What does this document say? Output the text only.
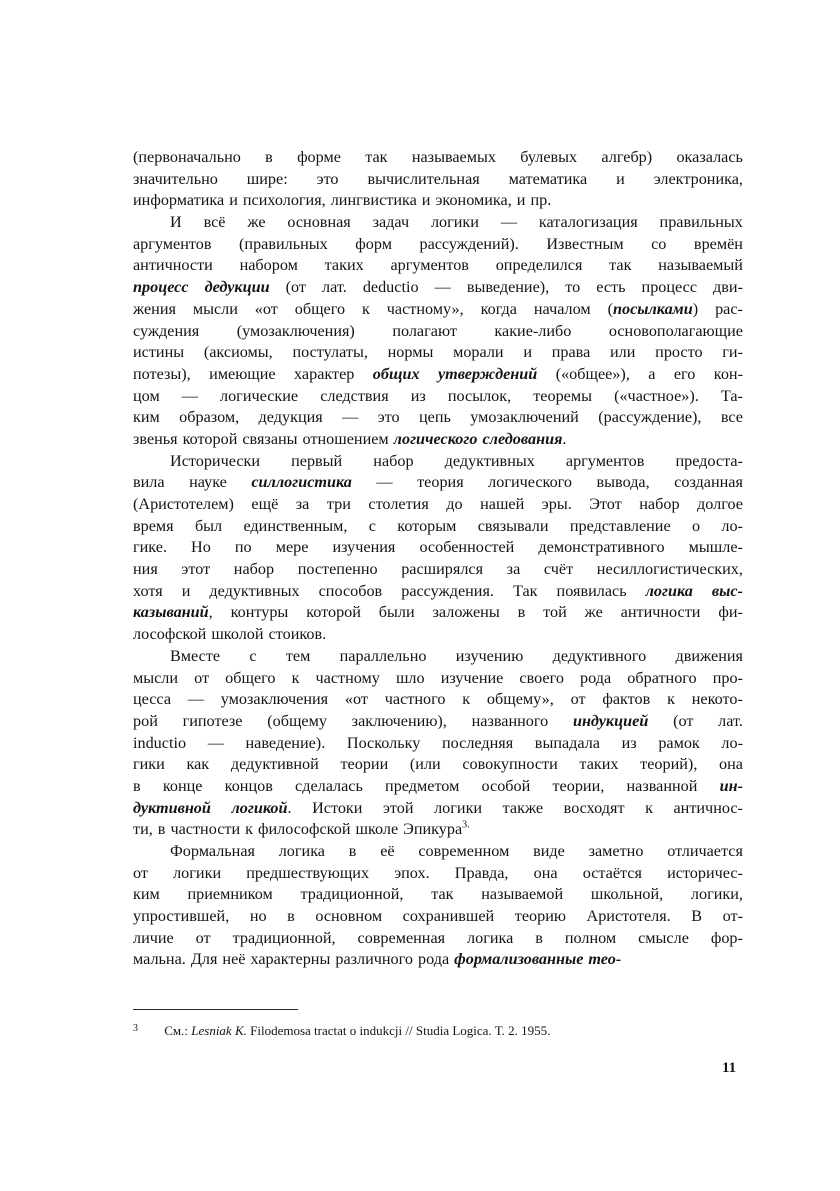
(первоначально в форме так называемых булевых алгебр) оказалась
значительно шире: это вычислительная математика и электроника,
информатика и психология, лингвистика и экономика, и пр.
И всё же основная задач логики — каталогизация правильных
аргументов (правильных форм рассуждений). Известным со времён
античности набором таких аргументов определился так называемый
процесс дедукции (от лат. deductio — выведение), то есть процесс дви-
жения мысли «от общего к частному», когда началом (посылками) рас-
суждения (умозаключения) полагают какие-либо основополагающие
истины (аксиомы, постулаты, нормы морали и права или просто ги-
потезы), имеющие характер общих утверждений («общее»), а его кон-
цом — логические следствия из посылок, теоремы («частное»). Та-
ким образом, дедукция — это цепь умозаключений (рассуждение), все
звенья которой связаны отношением логического следования.
Исторически первый набор дедуктивных аргументов предоста-
вила науке силлогистика — теория логического вывода, созданная
(Аристотелем) ещё за три столетия до нашей эры. Этот набор долгое
время был единственным, с которым связывали представление о ло-
гике. Но по мере изучения особенностей демонстративного мышле-
ния этот набор постепенно расширялся за счёт несиллогистических,
хотя и дедуктивных способов рассуждения. Так появилась логика выс-
казываний, контуры которой были заложены в той же античности фи-
лософской школой стоиков.
Вместе с тем параллельно изучению дедуктивного движения
мысли от общего к частному шло изучение своего рода обратного про-
цесса — умозаключения «от частного к общему», от фактов к некото-
рой гипотезе (общему заключению), названного индукцией (от лат.
inductio — наведение). Поскольку последняя выпадала из рамок ло-
гики как дедуктивной теории (или совокупности таких теорий), она
в конце концов сделалась предметом особой теории, названной ин-
дуктивной логикой. Истоки этой логики также восходят к античнос-
ти, в частности к философской школе Эпикура$^{3.}$
Формальная логика в её современном виде заметно отличается
от логики предшествующих эпох. Правда, она остаётся историчес-
ким приемником традиционной, так называемой школьной, логики,
упростившей, но в основном сохранившей теорию Аристотеля. В от-
личие от традиционной, современная логика в полном смысле фор-
мальна. Для неё характерны различного рода формализованные тео-
3 См.: Lesniak K. Filodemosa tractat o indukcji // Studia Logica. T. 2. 1955.
11
